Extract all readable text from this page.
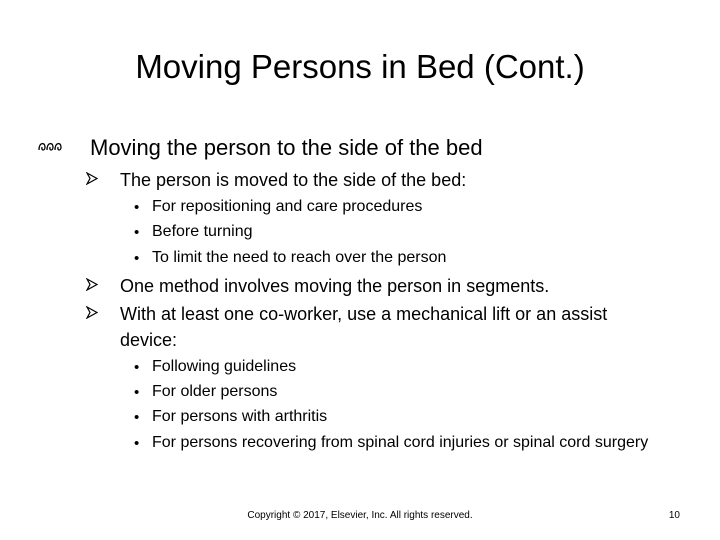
Moving Persons in Bed (Cont.)
Moving the person to the side of the bed
The person is moved to the side of the bed:
• For repositioning and care procedures
• Before turning
• To limit the need to reach over the person
One method involves moving the person in segments.
With at least one co-worker, use a mechanical lift or an assist device:
• Following guidelines
• For older persons
• For persons with arthritis
• For persons recovering from spinal cord injuries or spinal cord surgery
Copyright © 2017, Elsevier, Inc. All rights reserved.	10
